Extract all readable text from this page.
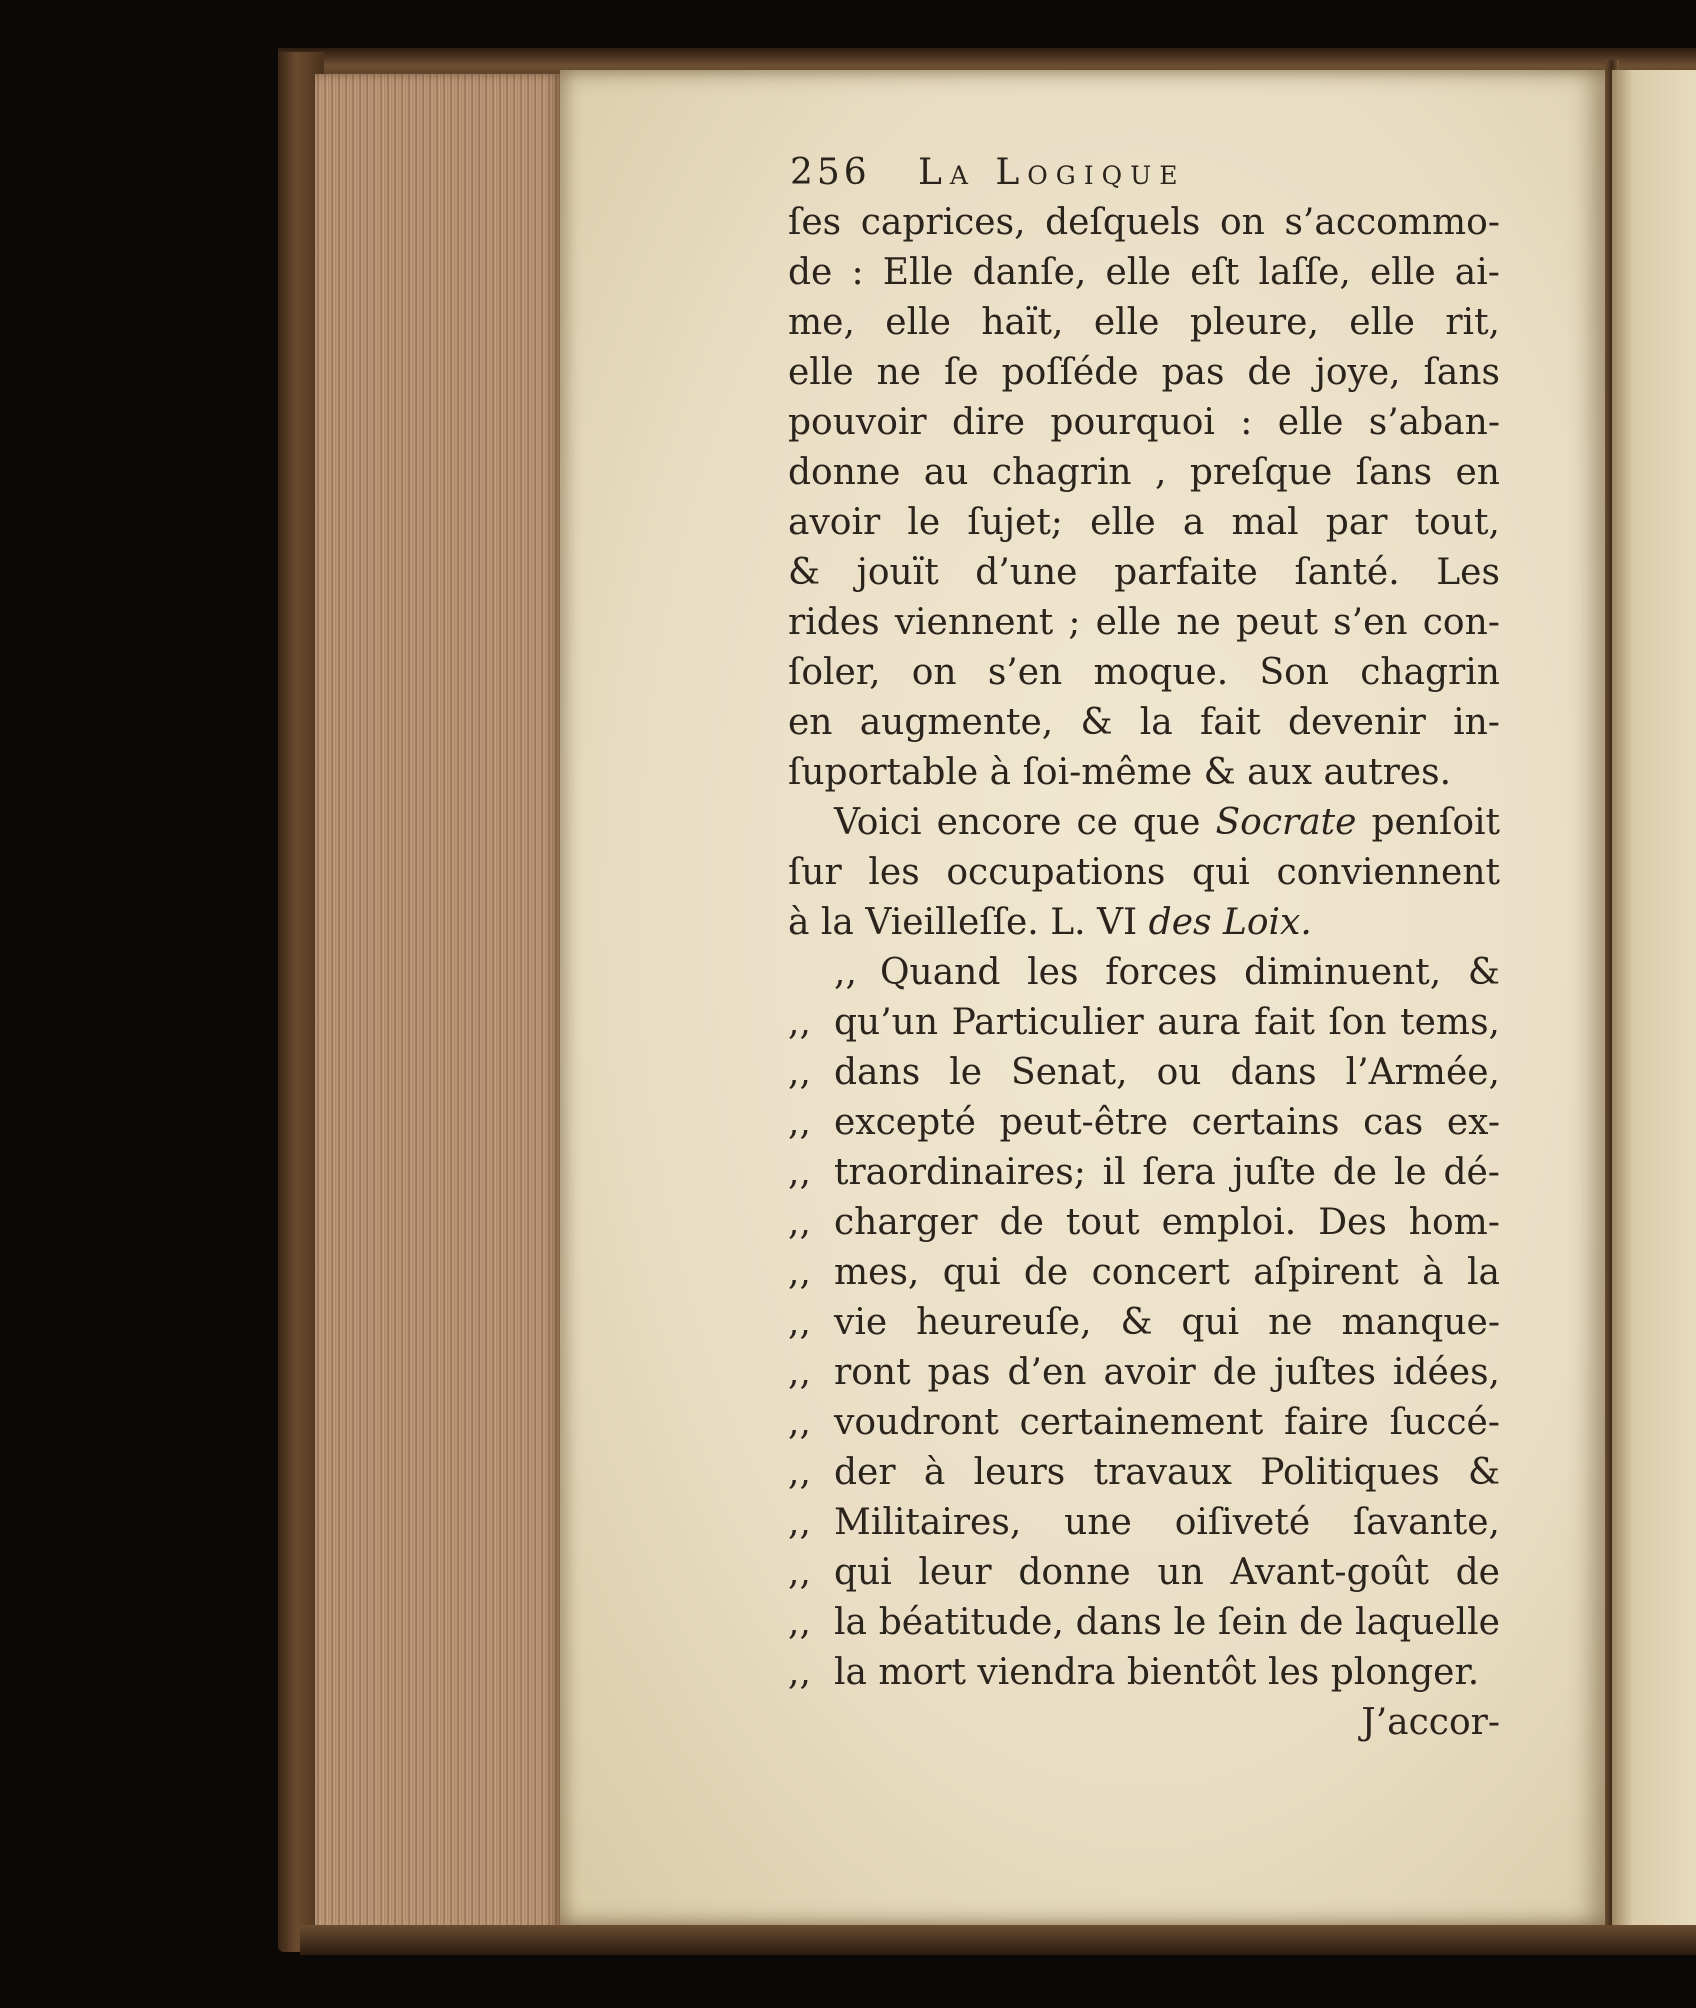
256 La Logique
ſes caprices, deſquels on s’accommo-
de : Elle danſe, elle eſt laſſe, elle ai-
me, elle haït, elle pleure, elle rit,
elle ne ſe poſſéde pas de joye, ſans
pouvoir dire pourquoi : elle s’aban-
donne au chagrin , preſque ſans en
avoir le ſujet; elle a mal par tout,
& jouït d’une parfaite ſanté. Les
rides viennent ; elle ne peut s’en con-
ſoler, on s’en moque. Son chagrin
en augmente, & la fait devenir in-
ſuportable à ſoi-même & aux autres.
Voici encore ce que Socrate penſoit
ſur les occupations qui conviennent
à la Vieilleſſe. L. VI
des Loix.
,, Quand les forces diminuent, &
,, qu’un Particulier aura fait ſon tems,
,, dans le Senat, ou dans l’Armée,
,, excepté peut-être certains cas ex-
,, traordinaires; il ſera juſte de le dé-
,, charger de tout emploi. Des hom-
,, mes, qui de concert aſpirent à la
,, vie heureuſe, & qui ne manque-
,, ront pas d’en avoir de juſtes idées,
,, voudront certainement faire ſuccé-
,, der à leurs travaux Politiques &
,, Militaires, une oiſiveté ſavante,
,, qui leur donne un Avant-goût de
,, la béatitude, dans le ſein de laquelle
,, la mort viendra bientôt les plonger.
J’accor-
